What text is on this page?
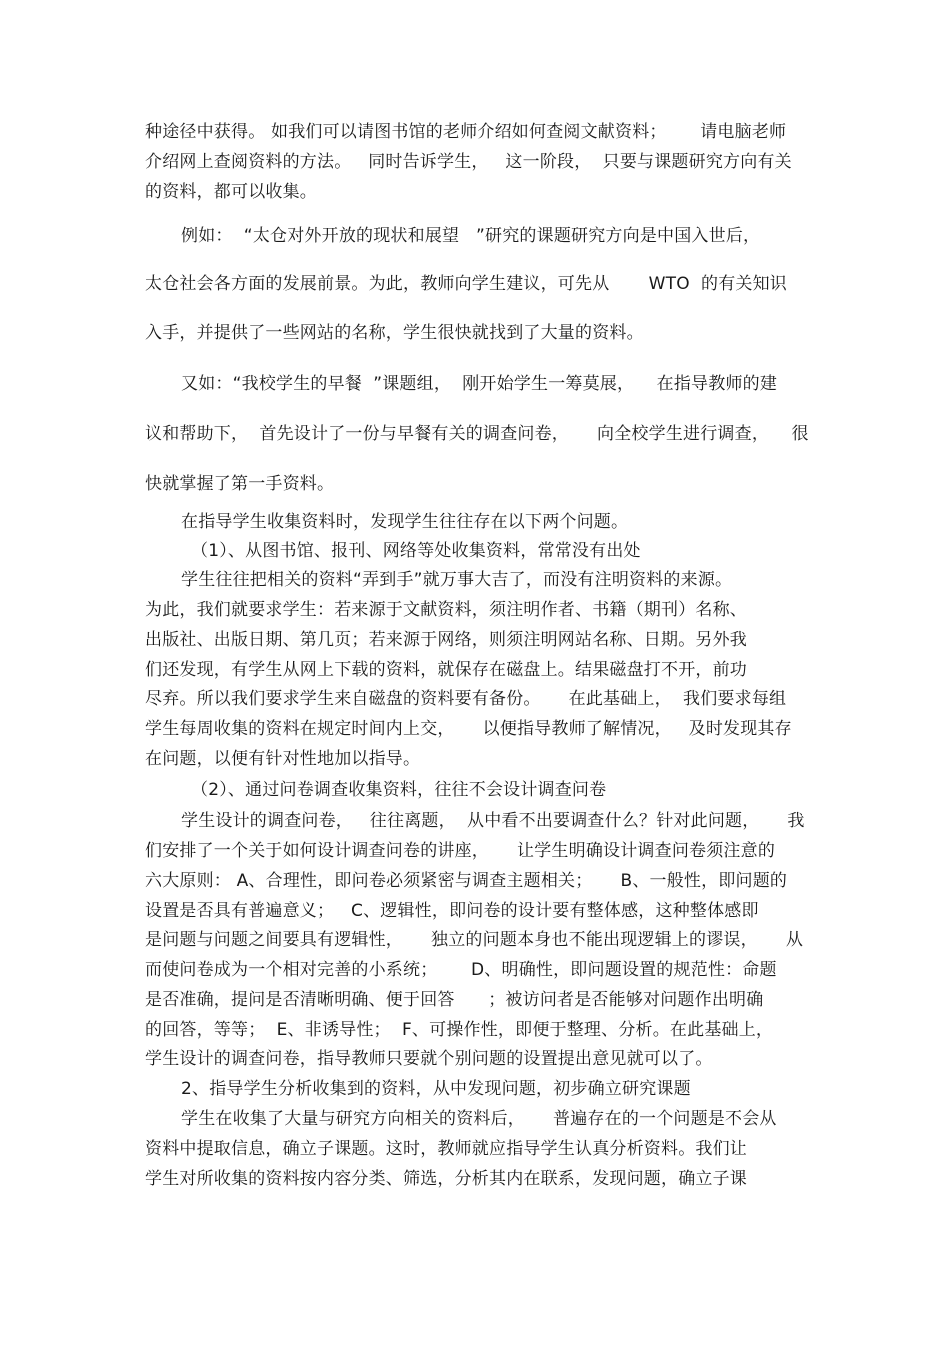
种途径中获得。 如我们可以请图书馆的老师介绍如何查阅文献资料；      请电脑老师
介绍网上查阅资料的方法。   同时告诉学生，   这一阶段，  只要与课题研究方向有关
的资料，都可以收集。
例如：  “太仓对外开放的现状和展望   ”研究的课题研究方向是中国入世后，
太仓社会各方面的发展前景。为此，教师向学生建议，可先从       WTO  的有关知识
入手，并提供了一些网站的名称，学生很快就找到了大量的资料。
又如：“我校学生的早餐  ”课题组，  刚开始学生一筹莫展，    在指导教师的建
议和帮助下，  首先设计了一份与早餐有关的调查问卷，     向全校学生进行调查，    很
快就掌握了第一手资料。
在指导学生收集资料时，发现学生往往存在以下两个问题。
（1）、从图书馆、报刊、网络等处收集资料，常常没有出处
学生往往把相关的资料“弄到手”就万事大吉了，而没有注明资料的来源。
为此，我们就要求学生：若来源于文献资料，须注明作者、书籍（期刊）名称、
出版社、出版日期、第几页；若来源于网络，则须注明网站名称、日期。另外我
们还发现，有学生从网上下载的资料，就保存在磁盘上。结果磁盘打不开，前功
尽弃。所以我们要求学生来自磁盘的资料要有备份。     在此基础上，  我们要求每组
学生每周收集的资料在规定时间内上交，     以便指导教师了解情况，   及时发现其存
在问题，以便有针对性地加以指导。
（2）、通过问卷调查收集资料，往往不会设计调查问卷
学生设计的调查问卷，   往往离题，  从中看不出要调查什么？针对此问题，     我
们安排了一个关于如何设计调查问卷的讲座，     让学生明确设计调查问卷须注意的
六大原则： A、合理性，即问卷必须紧密与调查主题相关；     B、一般性，即问题的
设置是否具有普遍意义；   C、逻辑性，即问卷的设计要有整体感，这种整体感即
是问题与问题之间要具有逻辑性，     独立的问题本身也不能出现逻辑上的谬误，     从
而使问卷成为一个相对完善的小系统；      D、明确性，即问题设置的规范性：命题
是否准确，提问是否清晰明确、便于回答      ；被访问者是否能够对问题作出明确
的回答，等等；  E、非诱导性；  F、可操作性，即便于整理、分析。在此基础上，
学生设计的调查问卷，指导教师只要就个别问题的设置提出意见就可以了。
2、指导学生分析收集到的资料，从中发现问题，初步确立研究课题
学生在收集了大量与研究方向相关的资料后，     普遍存在的一个问题是不会从
资料中提取信息，确立子课题。这时，教师就应指导学生认真分析资料。我们让
学生对所收集的资料按内容分类、筛选，分析其内在联系，发现问题，确立子课
